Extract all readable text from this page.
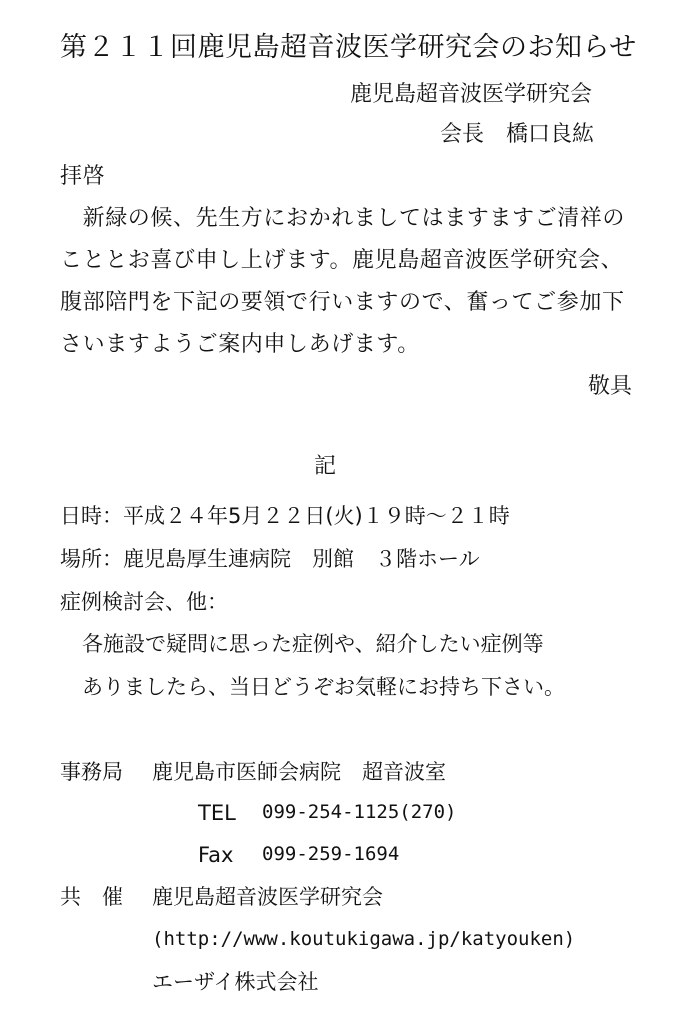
第２１１回鹿児島超音波医学研究会のお知らせ
鹿児島超音波医学研究会
会長　橋口良紘
拝啓
　新緑の候、先生方におかれましてはますますご清祥の
こととお喜び申し上げます。鹿児島超音波医学研究会、
腹部陪門を下記の要領で行いますので、奮ってご参加下
さいますようご案内申しあげます。
敬具
記
日時：平成２４年5月２２日(火)１９時〜２１時
場所：鹿児島厚生連病院　別館　３階ホール
症例検討会、他：
各施設で疑問に思った症例や、紹介したい症例等
ありましたら、当日どうぞお気軽にお持ち下さい。
事務局 鹿児島市医師会病院　超音波室
TEL 099-254-1125(270)
Fax 099-259-1694
共　催 鹿児島超音波医学研究会
(http://www.koutukigawa.jp/katyouken)
エーザイ株式会社
